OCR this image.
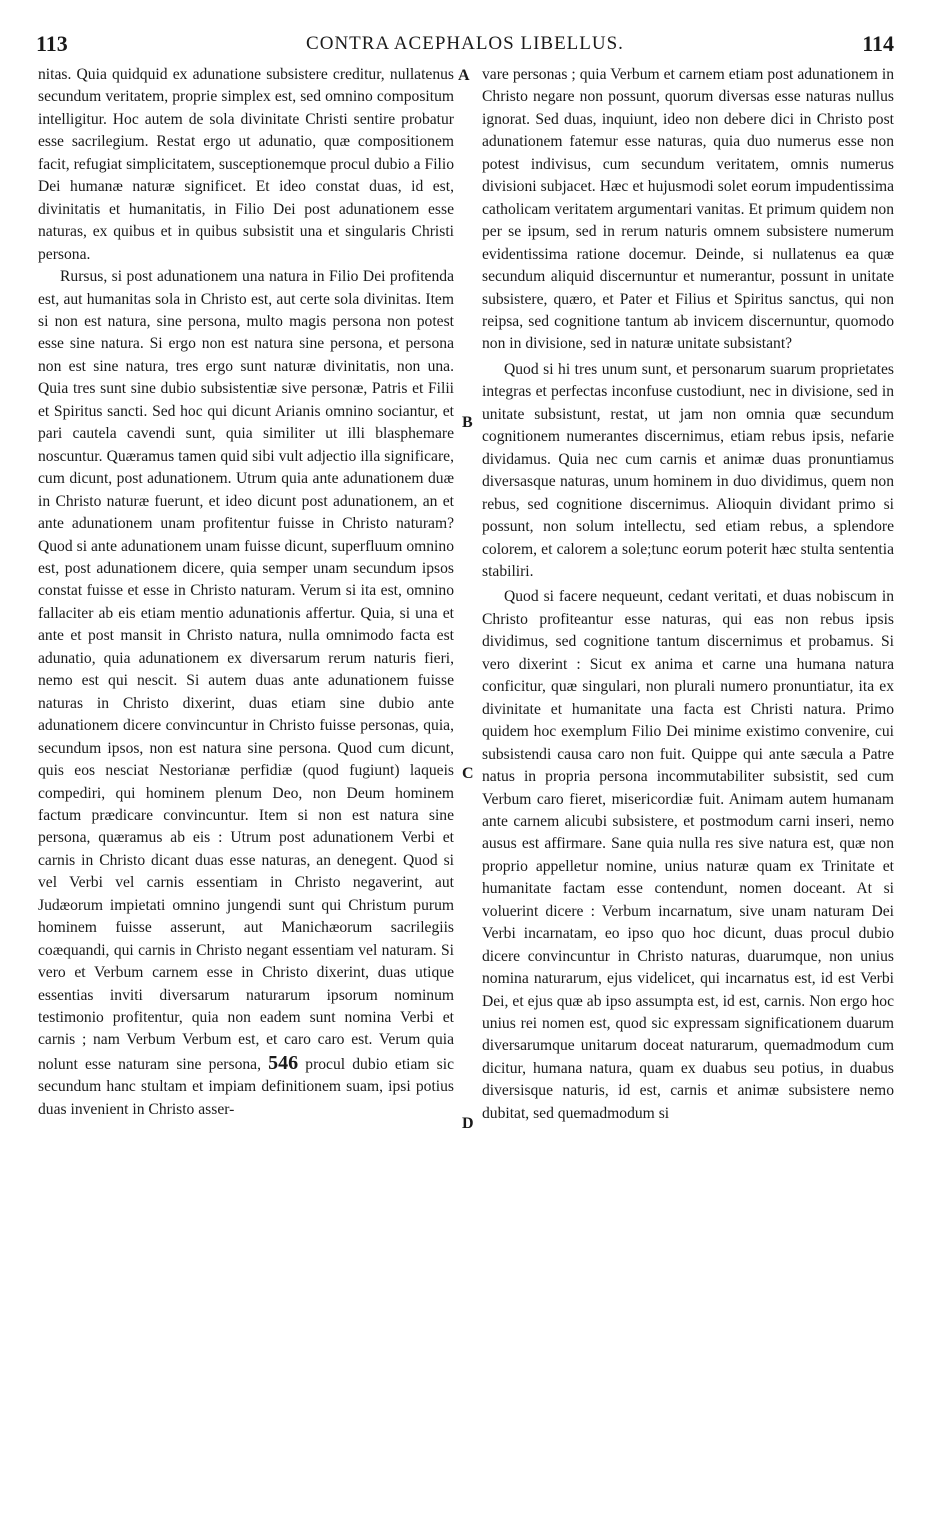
113	CONTRA ACEPHALOS LIBELLUS.	114

nitas. Quia quidquid ex adunatione subsistere creditur, nullatenus secundum veritatem, proprie simplex est, sed omnino compositum intelligitur. Hoc autem de sola divinitate Christi sentire probatur esse sacrilegium. Restat ergo ut adunatio, quæ compositionem facit, refugiat simplicitatem, susceptionemque procul dubio a Filio Dei humanæ naturæ significet. Et ideo constat duas, id est, divinitatis et humanitatis, in Filio Dei post adunationem esse naturas, ex quibus et in quibus subsistit una et singularis Christi persona.

Rursus, si post adunationem una natura in Filio Dei profitenda est, aut humanitas sola in Christo est, aut certe sola divinitas. Item si non est natura, sine persona, multo magis persona non potest esse sine natura. Si ergo non est natura sine persona, et persona non est sine natura, tres ergo sunt naturæ divinitatis, non una. Quia tres sunt sine dubio subsistentiæ sive personæ, Patris et Filii et Spiritus sancti. Sed hoc qui dicunt Arianis omnino sociantur, et pari cautela cavendi sunt, quia similiter ut illi blasphemare noscuntur. Quæramus tamen quid sibi vult adjectio illa significare, cum dicunt, post adunationem. Utrum quia ante adunationem duæ in Christo naturæ fuerunt, et ideo dicunt post adunationem, an et ante adunationem unam profitentur fuisse in Christo naturam? Quod si ante adunationem unam fuisse dicunt, superfluum omnino est, post adunationem dicere, quia semper unam secundum ipsos constat fuisse et esse in Christo naturam. Verum si ita est, omnino fallaciter ab eis etiam mentio adunationis affertur. Quia, si una et ante et post mansit in Christo natura, nulla omnimodo facta est adunatio, quia adunationem ex diversarum rerum naturis fieri, nemo est qui nescit. Si autem duas ante adunationem fuisse naturas in Christo dixerint, duas etiam sine dubio ante adunationem dicere convincuntur in Christo fuisse personas, quia, secundum ipsos, non est natura sine persona. Quod cum dicunt, quis eos nesciat Nestorianæ perfidiæ (quod fugiunt) laqueis compediri, qui hominem plenum Deo, non Deum hominem factum prædicare convincuntur. Item si non est natura sine persona, quæramus ab eis : Utrum post adunationem Verbi et carnis in Christo dicant duas esse naturas, an denegent. Quod si vel Verbi vel carnis essentiam in Christo negaverint, aut Judæorum impietati omnino jungendi sunt qui Christum purum hominem fuisse asserunt, aut Manichæorum sacrilegiis coæquandi, qui carnis in Christo negant essentiam vel naturam. Si vero et Verbum carnem esse in Christo dixerint, duas utique essentias inviti diversarum naturarum ipsorum nominum testimonio profitentur, quia non eadem sunt nomina Verbi et carnis ; nam Verbum Verbum est, et caro caro est. Verum quia nolunt esse naturam sine persona, 546 procul dubio etiam sic secundum hanc stultam et impiam definitionem suam, ipsi potius duas invenient in Christo asser-

vare personas ; quia Verbum et carnem etiam post adunationem in Christo negare non possunt, quorum diversas esse naturas nullus ignorat. Sed duas, inquiunt, ideo non debere dici in Christo post adunationem fatemur esse naturas, quia duo numerus esse non potest indivisus, cum secundum veritatem, omnis numerus divisioni subjacet. Hæc et hujusmodi solet eorum impudentissima catholicam veritatem argumentari vanitas. Et primum quidem non per se ipsum, sed in rerum naturis omnem subsistere numerum evidentissima ratione docemur. Deinde, si nullatenus ea quæ secundum aliquid discernuntur et numerantur, possunt in unitate subsistere, quæro, et Pater et Filius et Spiritus sanctus, qui non reipsa, sed cognitione tantum ab invicem discernuntur, quomodo non in divisione, sed in naturæ unitate subsistant?

Quod si hi tres unum sunt, et personarum suarum proprietates integras et perfectas inconfuse custodiunt, nec in divisione, sed in unitate subsistunt, restat, ut jam non omnia quæ secundum cognitionem numerantes discernimus, etiam rebus ipsis, nefarie dividamus. Quia nec cum carnis et animæ duas pronuntiamus diversasque naturas, unum hominem in duo dividimus, quem non rebus, sed cognitione discernimus. Alioquin dividant primo si possunt, non solum intellectu, sed etiam rebus, a splendore colorem, et calorem a sole;tunc eorum poterit hæc stulta sententia stabiliri.

Quod si facere nequeunt, cedant veritati, et duas nobiscum in Christo profiteantur esse naturas, qui eas non rebus ipsis dividimus, sed cognitione tantum discernimus et probamus. Si vero dixerint : Sicut ex anima et carne una humana natura conficitur, quæ singulari, non plurali numero pronuntiatur, ita ex divinitate et humanitate una facta est Christi natura. Primo quidem hoc exemplum Filio Dei minime existimo convenire, cui subsistendi causa caro non fuit. Quippe qui ante sæcula a Patre natus in propria persona incommutabiliter subsistit, sed cum Verbum caro fieret, misericordiæ fuit. Animam autem humanam ante carnem alicubi subsistere, et postmodum carni inseri, nemo ausus est affirmare. Sane quia nulla res sive natura est, quæ non proprio appelletur nomine, unius naturæ quam ex Trinitate et humanitate factam esse contendunt, nomen doceant. At si voluerint dicere : Verbum incarnatum, sive unam naturam Dei Verbi incarnatam, eo ipso quo hoc dicunt, duas procul dubio dicere convincuntur in Christo naturas, duarumque, non unius nomina naturarum, ejus videlicet, qui incarnatus est, id est Verbi Dei, et ejus quæ ab ipso assumpta est, id est, carnis. Non ergo hoc unius rei nomen est, quod sic expressam significationem duarum diversarumque unitarum doceat naturarum, quemadmodum cum dicitur, humana natura, quam ex duabus seu potius, in duabus diversisque naturis, id est, carnis et animæ subsistere nemo dubitat, sed quemadmodum si

A
B
C
D
